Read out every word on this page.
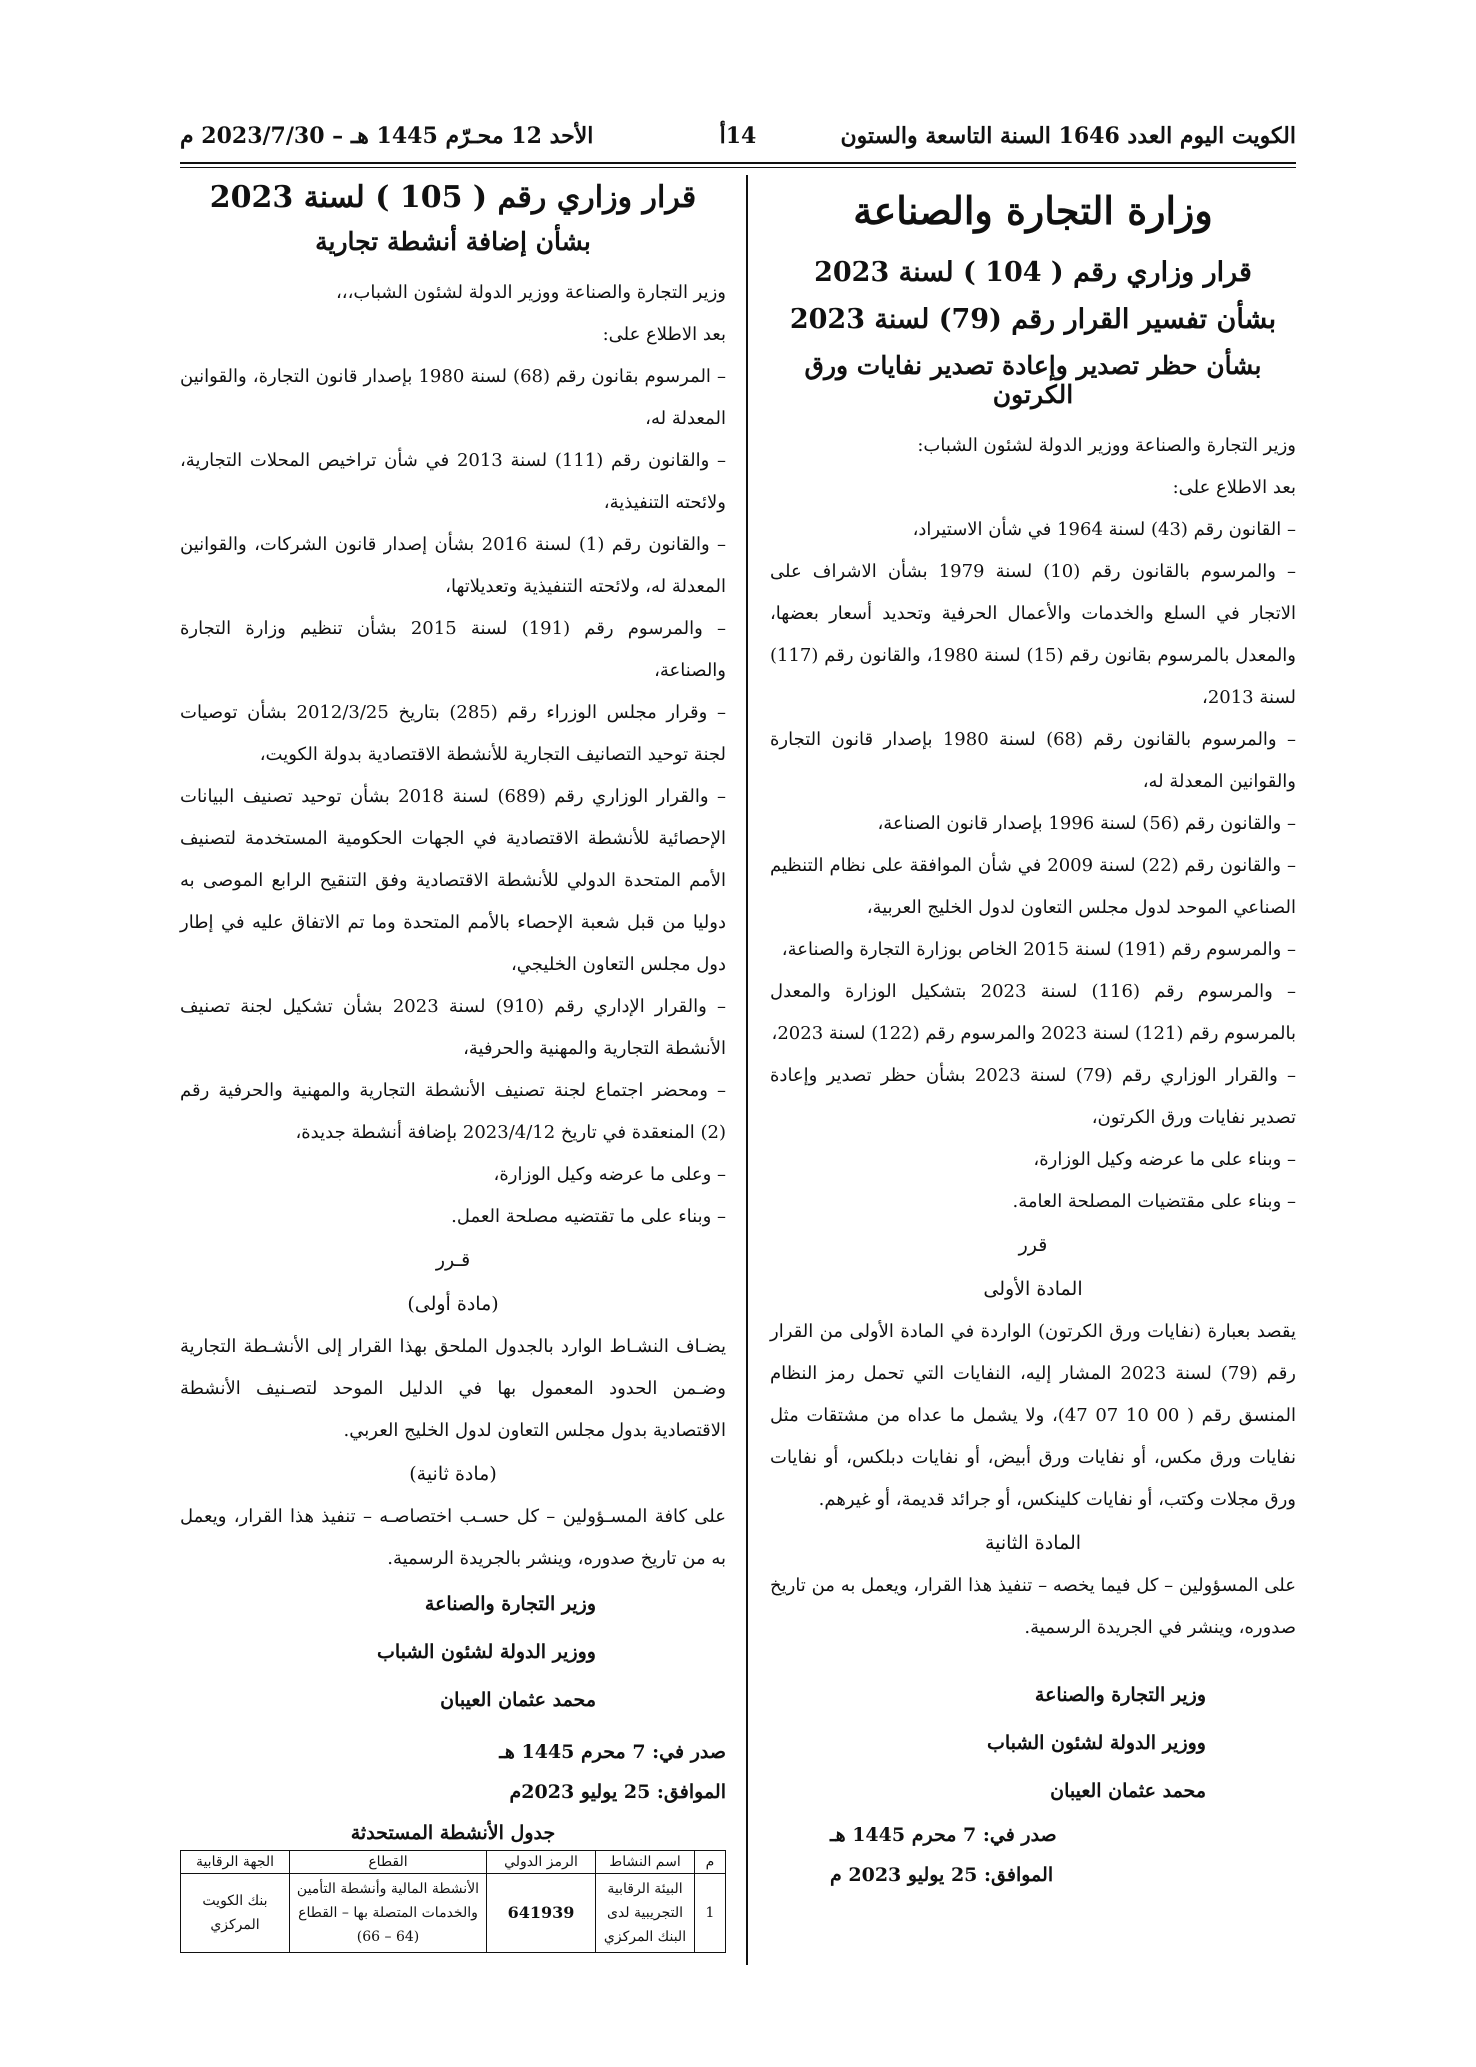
الكويت اليوم العدد 1646 السنة التاسعة والستون
14أ
الأحد 12 محـرّم 1445 هـ – 2023/7/30 م
وزارة التجارة والصناعة
قرار وزاري رقم ( 104 ) لسنة 2023
بشأن تفسير القرار رقم (79) لسنة 2023
بشأن حظر تصدير وإعادة تصدير نفايات ورق الكرتون

وزير التجارة والصناعة ووزير الدولة لشئون الشباب:

بعد الاطلاع على:

– القانون رقم (43) لسنة 1964 في شأن الاستيراد،

– والمرسوم بالقانون رقم (10) لسنة 1979 بشأن الاشراف على الاتجار في السلع والخدمات والأعمال الحرفية وتحديد أسعار بعضها، والمعدل بالمرسوم بقانون رقم (15) لسنة 1980، والقانون رقم (117) لسنة 2013،

– والمرسوم بالقانون رقم (68) لسنة 1980 بإصدار قانون التجارة والقوانين المعدلة له،

– والقانون رقم (56) لسنة 1996 بإصدار قانون الصناعة،

– والقانون رقم (22) لسنة 2009 في شأن الموافقة على نظام التنظيم الصناعي الموحد لدول مجلس التعاون لدول الخليج العربية،

– والمرسوم رقم (191) لسنة 2015 الخاص بوزارة التجارة والصناعة،

– والمرسوم رقم (116) لسنة 2023 بتشكيل الوزارة والمعدل بالمرسوم رقم (121) لسنة 2023 والمرسوم رقم (122) لسنة 2023،

– والقرار الوزاري رقم (79) لسنة 2023 بشأن حظر تصدير وإعادة تصدير نفايات ورق الكرتون،

– وبناء على ما عرضه وكيل الوزارة،

– وبناء على مقتضيات المصلحة العامة.

قرر

المادة الأولى

يقصد بعبارة (نفايات ورق الكرتون) الواردة في المادة الأولى من القرار رقم (79) لسنة 2023 المشار إليه، النفايات التي تحمل رمز النظام المنسق رقم ( 00 10 07 47)، ولا يشمل ما عداه من مشتقات مثل نفايات ورق مكس، أو نفايات ورق أبيض، أو نفايات دبلكس، أو نفايات ورق مجلات وكتب، أو نفايات كلينكس، أو جرائد قديمة، أو غيرهم.

المادة الثانية

على المسؤولين – كل فيما يخصه – تنفيذ هذا القرار، ويعمل به من تاريخ صدوره، وينشر في الجريدة الرسمية.

وزير التجارة والصناعة

ووزير الدولة لشئون الشباب

محمد عثمان العيبان

صدر في: 7 محرم 1445 هـ

الموافق: 25 يوليو 2023 م

قرار وزاري رقم ( 105 ) لسنة 2023
بشأن إضافة أنشطة تجارية

وزير التجارة والصناعة ووزير الدولة لشئون الشباب،،،

بعد الاطلاع على:

– المرسوم بقانون رقم (68) لسنة 1980 بإصدار قانون التجارة، والقوانين المعدلة له،

– والقانون رقم (111) لسنة 2013 في شأن تراخيص المحلات التجارية، ولائحته التنفيذية،

– والقانون رقم (1) لسنة 2016 بشأن إصدار قانون الشركات، والقوانين المعدلة له، ولائحته التنفيذية وتعديلاتها،

– والمرسوم رقم (191) لسنة 2015 بشأن تنظيم وزارة التجارة والصناعة،

– وقرار مجلس الوزراء رقم (285) بتاريخ 2012/3/25 بشأن توصيات لجنة توحيد التصانيف التجارية للأنشطة الاقتصادية بدولة الكويت،

– والقرار الوزاري رقم (689) لسنة 2018 بشأن توحيد تصنيف البيانات الإحصائية للأنشطة الاقتصادية في الجهات الحكومية المستخدمة لتصنيف الأمم المتحدة الدولي للأنشطة الاقتصادية وفق التنقيح الرابع الموصى به دوليا من قبل شعبة الإحصاء بالأمم المتحدة وما تم الاتفاق عليه في إطار دول مجلس التعاون الخليجي،

– والقرار الإداري رقم (910) لسنة 2023 بشأن تشكيل لجنة تصنيف الأنشطة التجارية والمهنية والحرفية،

– ومحضر اجتماع لجنة تصنيف الأنشطة التجارية والمهنية والحرفية رقم (2) المنعقدة في تاريخ 2023/4/12 بإضافة أنشطة جديدة،

– وعلى ما عرضه وكيل الوزارة،

– وبناء على ما تقتضيه مصلحة العمل.

قـرر

(مادة أولى)

يضـاف النشـاط الوارد بالجدول الملحق بهذا القرار إلى الأنشـطة التجارية وضـمن الحدود المعمول بها في الدليل الموحد لتصـنيف الأنشطة الاقتصادية بدول مجلس التعاون لدول الخليج العربي.

(مادة ثانية)

على كافة المسـؤولين – كل حسـب اختصاصـه – تنفيذ هذا القرار، ويعمل به من تاريخ صدوره، وينشر بالجريدة الرسمية.

وزير التجارة والصناعة

ووزير الدولة لشئون الشباب

محمد عثمان العيبان

صدر في: 7 محرم 1445 هـ

الموافق: 25 يوليو 2023م

جدول الأنشطة المستحدثة
م	اسم النشاط	الرمز الدولي	القطاع	الجهة الرقابية
1	البيئة الرقابية التجريبية لدى البنك المركزي	641939	الأنشطة المالية وأنشطة التأمين والخدمات المتصلة بها – القطاع (64 – 66)	بنك الكويت المركزي
